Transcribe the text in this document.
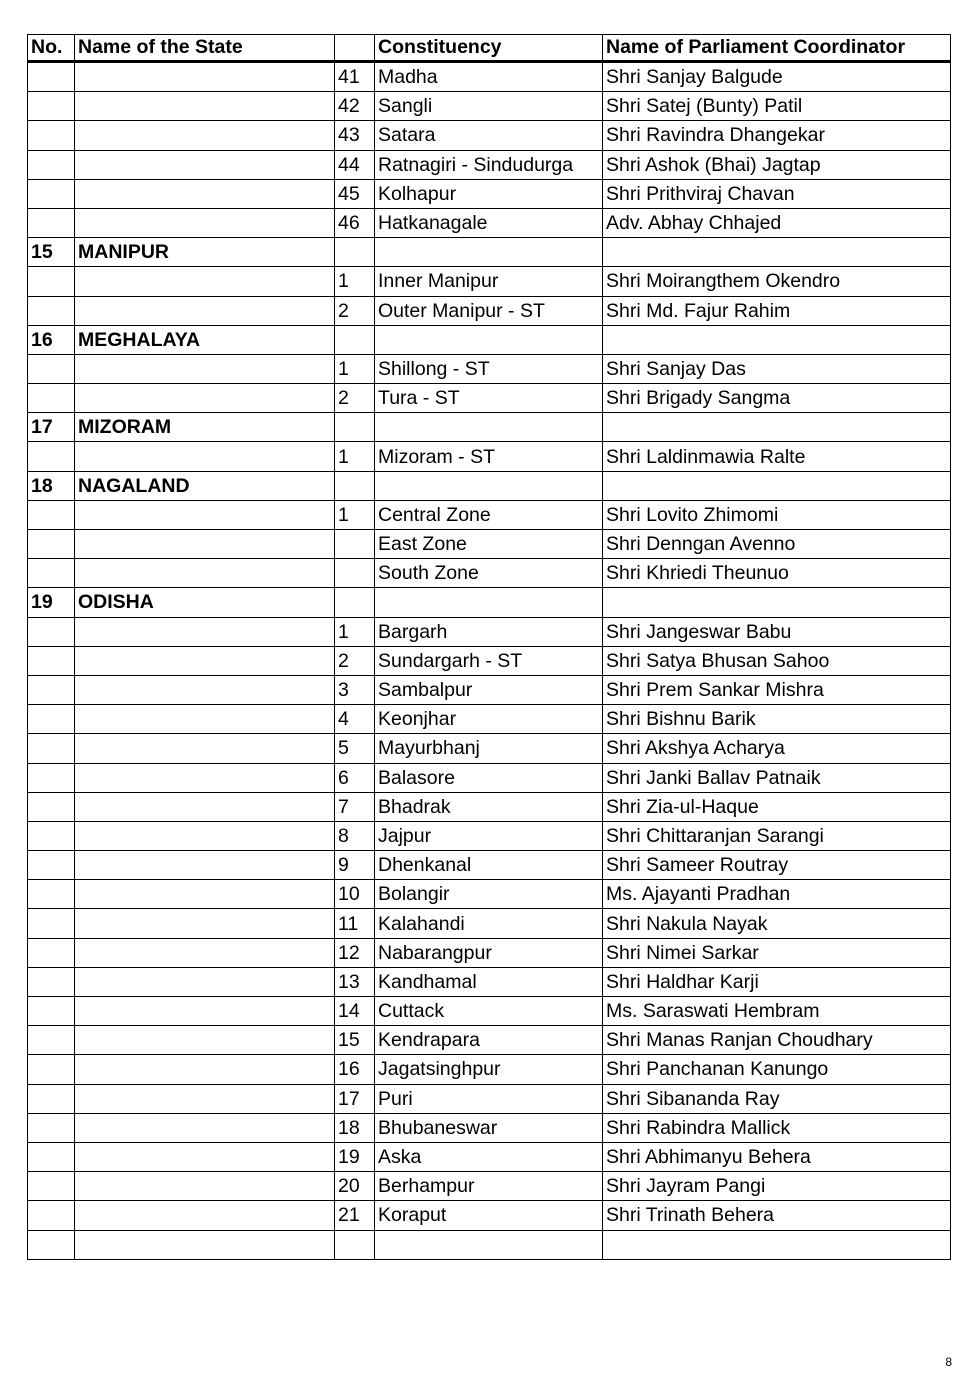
No.	Name of the State		Constituency	Name of Parliament Coordinator
		41	Madha	Shri Sanjay Balgude
		42	Sangli	Shri Satej (Bunty) Patil
		43	Satara	Shri Ravindra Dhangekar
		44	Ratnagiri - Sindudurga	Shri Ashok (Bhai) Jagtap
		45	Kolhapur	Shri Prithviraj Chavan
		46	Hatkanagale	Adv. Abhay Chhajed
15	MANIPUR			
		1	Inner Manipur	Shri Moirangthem Okendro
		2	Outer Manipur - ST	Shri Md. Fajur Rahim
16	MEGHALAYA			
		1	Shillong - ST	Shri Sanjay Das
		2	Tura - ST	Shri Brigady Sangma
17	MIZORAM			
		1	Mizoram - ST	Shri Laldinmawia Ralte
18	NAGALAND			
		1	Central Zone	Shri Lovito Zhimomi
			East Zone	Shri Denngan Avenno
			South Zone	Shri Khriedi Theunuo
19	ODISHA			
		1	Bargarh	Shri Jangeswar Babu
		2	Sundargarh - ST	Shri Satya Bhusan Sahoo
		3	Sambalpur	Shri Prem Sankar Mishra
		4	Keonjhar	Shri Bishnu Barik
		5	Mayurbhanj	Shri Akshya Acharya
		6	Balasore	Shri Janki Ballav Patnaik
		7	Bhadrak	Shri Zia-ul-Haque
		8	Jajpur	Shri Chittaranjan Sarangi
		9	Dhenkanal	Shri Sameer Routray
		10	Bolangir	Ms. Ajayanti Pradhan
		11	Kalahandi	Shri Nakula Nayak
		12	Nabarangpur	Shri Nimei Sarkar
		13	Kandhamal	Shri Haldhar Karji
		14	Cuttack	Ms. Saraswati Hembram
		15	Kendrapara	Shri Manas Ranjan Choudhary
		16	Jagatsinghpur	Shri Panchanan Kanungo
		17	Puri	Shri Sibananda Ray
		18	Bhubaneswar	Shri Rabindra Mallick
		19	Aska	Shri Abhimanyu Behera
		20	Berhampur	Shri Jayram Pangi
		21	Koraput	Shri Trinath Behera

8
